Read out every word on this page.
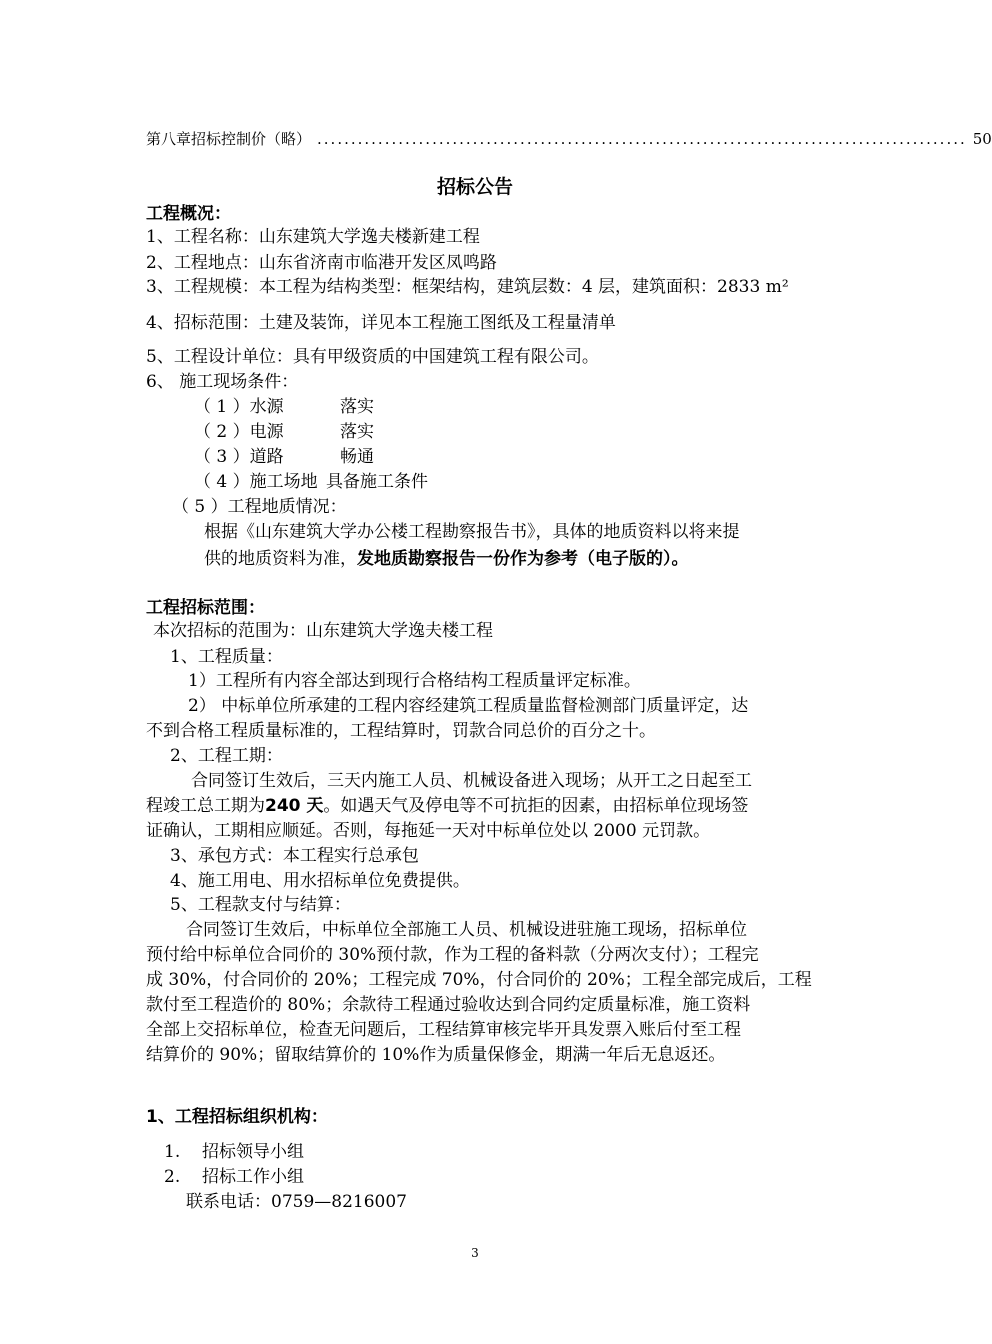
第八章招标控制价（略） ................................................................................................ 50
招标公告
工程概况：
1、工程名称：山东建筑大学逸夫楼新建工程
2、工程地点：山东省济南市临港开发区凤鸣路
3、工程规模：本工程为结构类型：框架结构，建筑层数：4 层，建筑面积：2833 m²
4、招标范围：土建及装饰，详见本工程施工图纸及工程量清单
5、工程设计单位：具有甲级资质的中国建筑工程有限公司。
6、 施工现场条件：
（ 1 ）水源	落实
（ 2 ）电源	落实
（ 3 ）道路	畅通
（ 4 ）施工场地 具备施工条件
（ 5 ）工程地质情况：
根据《山东建筑大学办公楼工程勘察报告书》，具体的地质资料以将来提
供的地质资料为准，发地质勘察报告一份作为参考（电子版的）。
工程招标范围：
本次招标的范围为：山东建筑大学逸夫楼工程
1、工程质量：
1）工程所有内容全部达到现行合格结构工程质量评定标准。
2） 中标单位所承建的工程内容经建筑工程质量监督检测部门质量评定，达
不到合格工程质量标准的，工程结算时，罚款合同总价的百分之十。
2、工程工期：
合同签订生效后，三天内施工人员、机械设备进入现场；从开工之日起至工
程竣工总工期为240 天。如遇天气及停电等不可抗拒的因素，由招标单位现场签
证确认，工期相应顺延。否则，每拖延一天对中标单位处以 2000 元罚款。
3、承包方式：本工程实行总承包
4、施工用电、用水招标单位免费提供。
5、工程款支付与结算：
合同签订生效后，中标单位全部施工人员、机械设进驻施工现场，招标单位
预付给中标单位合同价的 30%预付款，作为工程的备料款（分两次支付）；工程完
成 30%，付合同价的 20%；工程完成 70%，付合同价的 20%；工程全部完成后，工程
款付至工程造价的 80%；余款待工程通过验收达到合同约定质量标准，施工资料
全部上交招标单位，检查无问题后，工程结算审核完毕开具发票入账后付至工程
结算价的 90%；留取结算价的 10%作为质量保修金，期满一年后无息返还。
1、工程招标组织机构：
1. 招标领导小组
2. 招标工作小组
联系电话：0759—8216007
3
